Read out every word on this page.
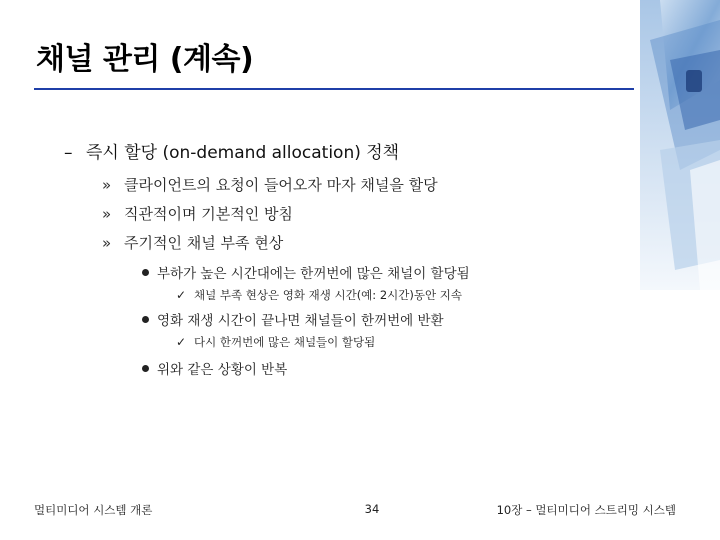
채널 관리 (계속)
– 즉시 할당 (on-demand allocation) 정책
» 클라이언트의 요청이 들어오자 마자 채널을 할당
» 직관적이며 기본적인 방침
» 주기적인 채널 부족 현상
부하가 높은 시간대에는 한꺼번에 많은 채널이 할당됨
✓ 채널 부족 현상은 영화 재생 시간(예: 2시간)동안 지속
영화 재생 시간이 끝나면 채널들이 한꺼번에 반환
✓ 다시 한꺼번에 많은 채널들이 할당됨
위와 같은 상황이 반복
멀티미디어 시스템 개론	34	10장 – 멀티미디어 스트리밍 시스템
